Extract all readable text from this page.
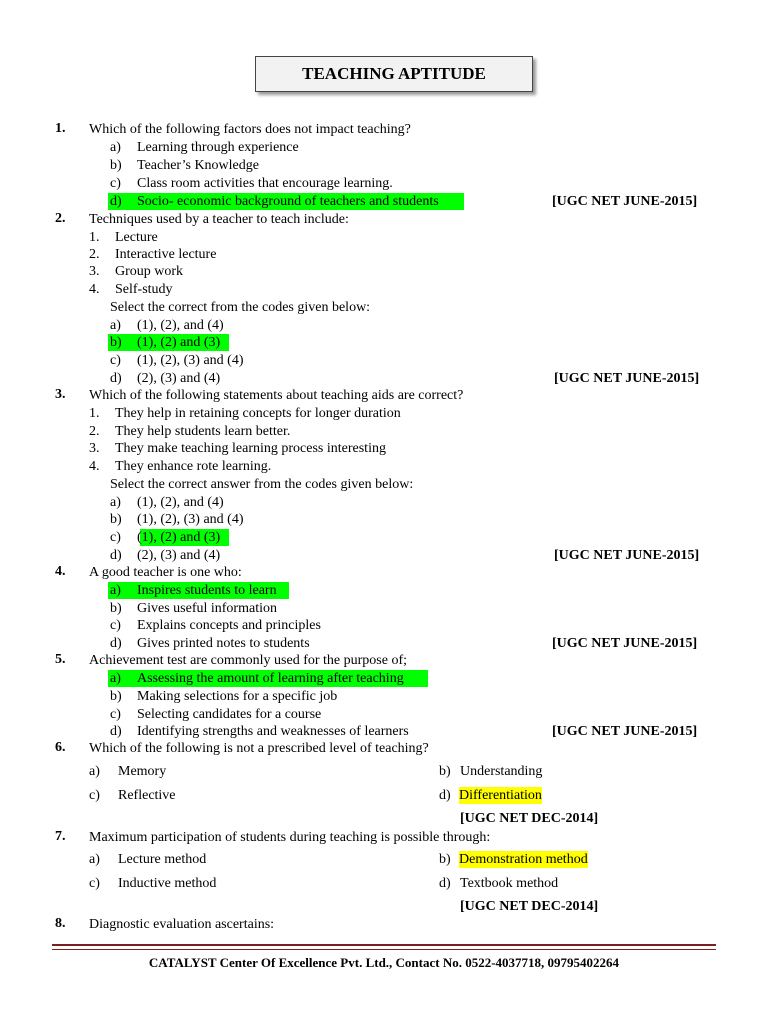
TEACHING APTITUDE
1. Which of the following factors does not impact teaching?
a) Learning through experience
b) Teacher’s Knowledge
c) Class room activities that encourage learning.
d) Socio- economic background of teachers and students	[UGC NET JUNE-2015]
2. Techniques used by a teacher to teach include:
1. Lecture
2. Interactive lecture
3. Group work
4. Self-study
Select the correct from the codes given below:
a) (1), (2), and (4)
b) (1), (2) and (3)
c) (1), (2), (3) and (4)
d) (2), (3) and (4)	[UGC NET JUNE-2015]
3. Which of the following statements about teaching aids are correct?
1. They help in retaining concepts for longer duration
2. They help students learn better.
3. They make teaching learning process interesting
4. They enhance rote learning.
Select the correct answer from the codes given below:
a) (1), (2), and (4)
b) (1), (2), (3) and (4)
c) (1), (2) and (3)
d) (2), (3) and (4)	[UGC NET JUNE-2015]
4. A good teacher is one who:
a) Inspires students to learn
b) Gives useful information
c) Explains concepts and principles
d) Gives printed notes to students	[UGC NET JUNE-2015]
5. Achievement test are commonly used for the purpose of;
a) Assessing the amount of learning after teaching
b) Making selections for a specific job
c) Selecting candidates for a course
d) Identifying strengths and weaknesses of learners	[UGC NET JUNE-2015]
6. Which of the following is not a prescribed level of teaching?
a) Memory	b) Understanding
c) Reflective	d) Differentiation
[UGC NET DEC-2014]
7. Maximum participation of students during teaching is possible through:
a) Lecture method	b) Demonstration method
c) Inductive method	d) Textbook method
[UGC NET DEC-2014]
8. Diagnostic evaluation ascertains:
CATALYST Center Of Excellence Pvt. Ltd., Contact No. 0522-4037718, 09795402264
